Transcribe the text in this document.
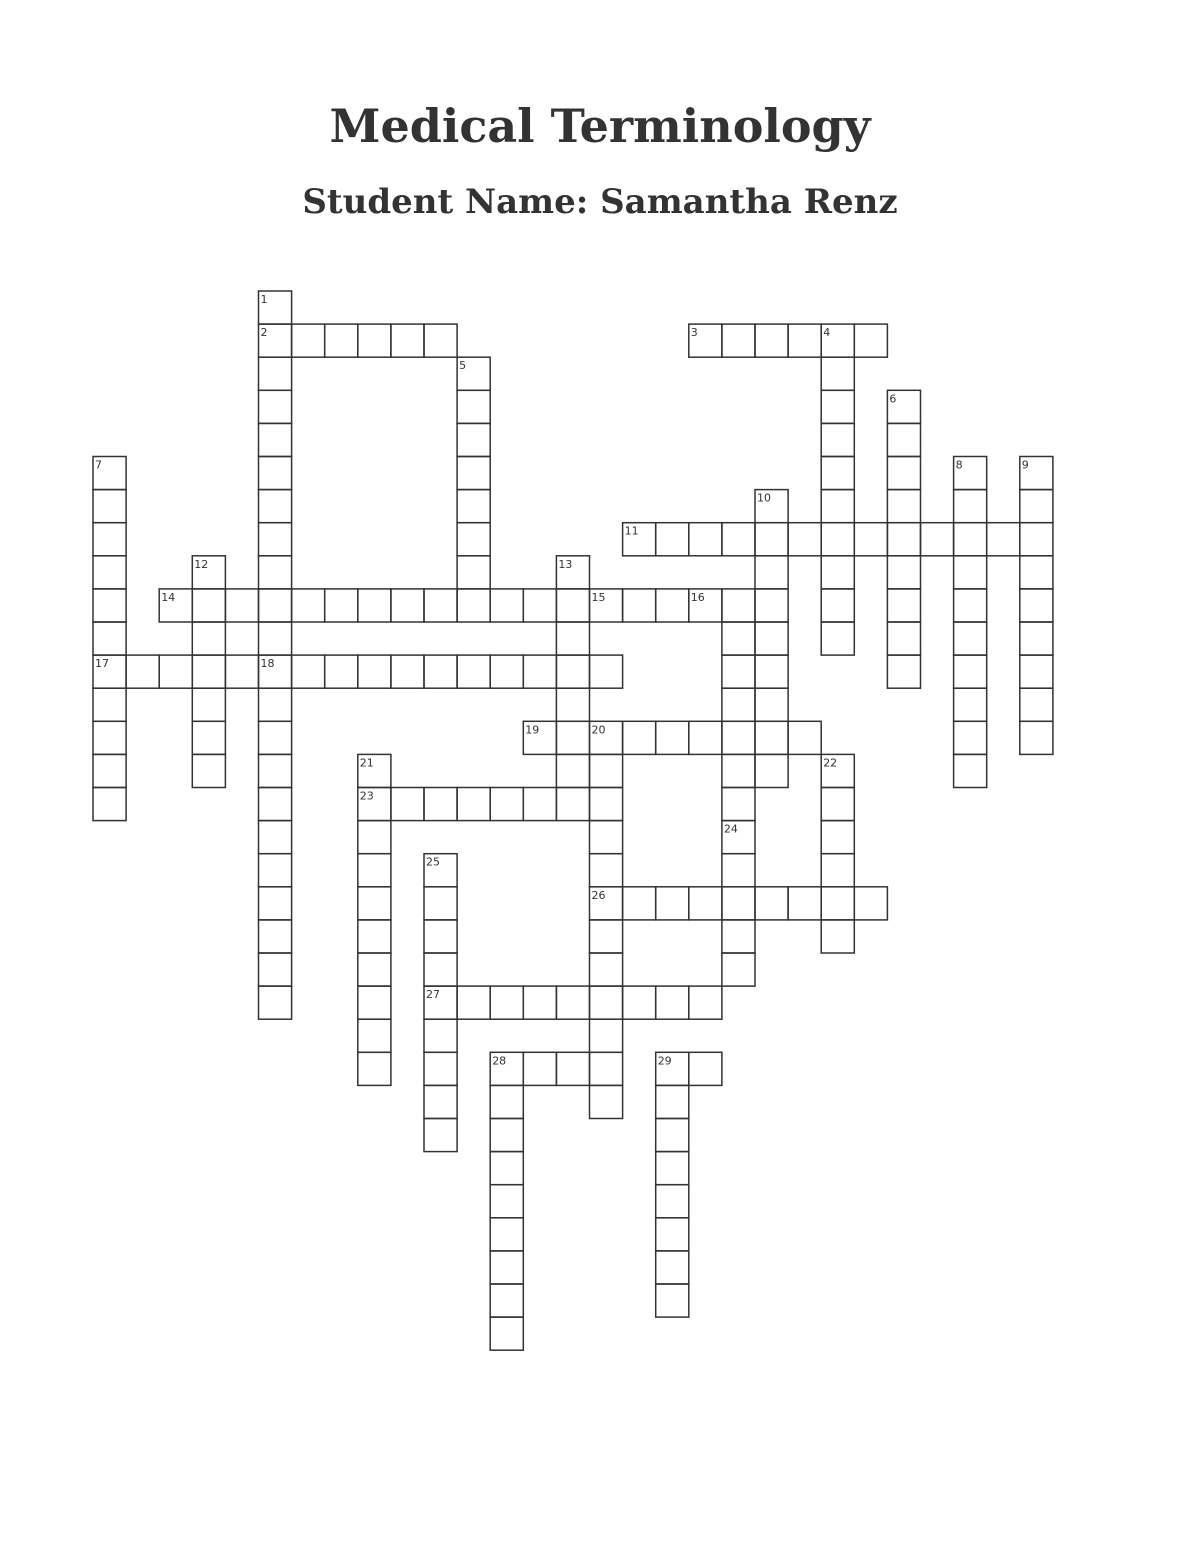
Medical Terminology
Student Name: Samantha Renz
1
2	3	4
5
6
7	8	9
10
11
12	13
14	15	16
17	18
19	20
21	22
23
24
25
26
27
28	29
